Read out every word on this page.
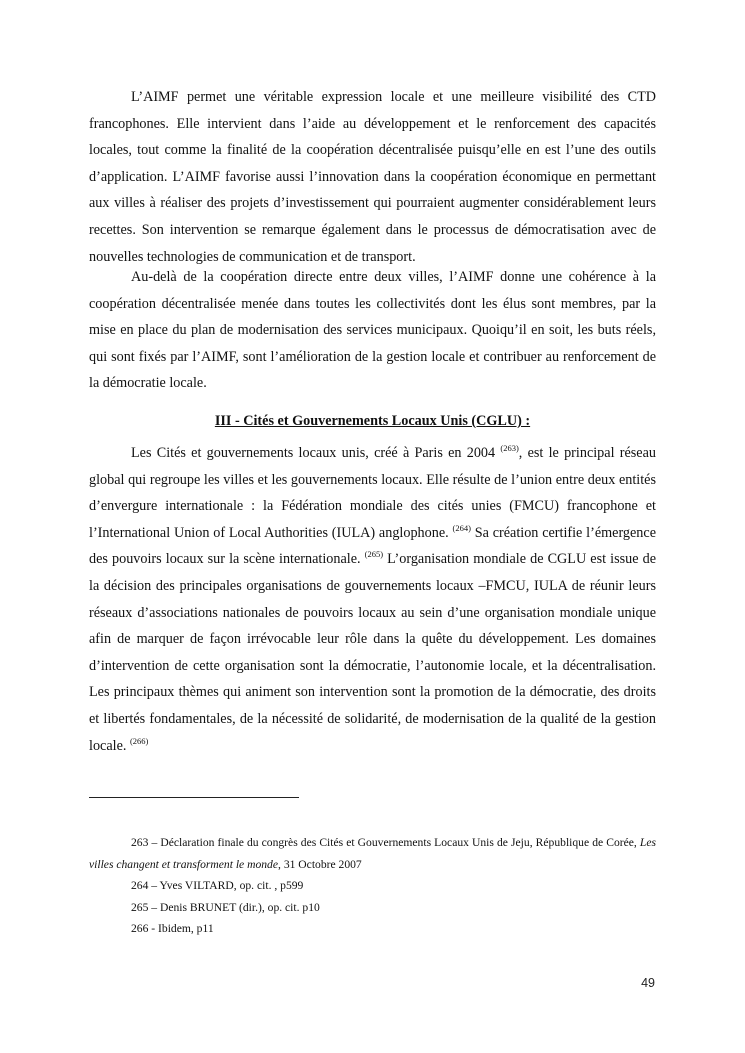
L’AIMF permet une véritable expression locale et une meilleure visibilité des CTD francophones. Elle intervient dans l’aide au développement et le renforcement des capacités locales, tout comme la finalité de la coopération décentralisée puisqu’elle en est l’une des outils d’application. L’AIMF favorise aussi l’innovation dans la coopération économique en permettant aux villes à réaliser des projets d’investissement qui pourraient augmenter considérablement leurs recettes. Son intervention se remarque également dans le processus de démocratisation avec de nouvelles technologies de communication et de transport.

Au-delà de la coopération directe entre deux villes, l’AIMF donne une cohérence à la coopération décentralisée menée dans toutes les collectivités dont les élus sont membres, par la mise en place du plan de modernisation des services municipaux. Quoiqu’il en soit, les buts réels, qui sont fixés par l’AIMF, sont l’amélioration de la gestion locale et contribuer au renforcement de la démocratie locale.

III - Cités et Gouvernements Locaux Unis (CGLU) :

Les Cités et gouvernements locaux unis, créé à Paris en 2004 $^{(263)}$, est le principal réseau global qui regroupe les villes et les gouvernements locaux. Elle résulte de l’union entre deux entités d’envergure internationale : la Fédération mondiale des cités unies (FMCU) francophone et l’International Union of Local Authorities (IULA) anglophone. $^{(264)}$ Sa création certifie l’émergence des pouvoirs locaux sur la scène internationale. $^{(265)}$ L’organisation mondiale de CGLU est issue de la décision des principales organisations de gouvernements locaux –FMCU, IULA de réunir leurs réseaux d’associations nationales de pouvoirs locaux au sein d’une organisation mondiale unique afin de marquer de façon irrévocable leur rôle dans la quête du développement. Les domaines d’intervention de cette organisation sont la démocratie, l’autonomie locale, et la décentralisation. Les principaux thèmes qui animent son intervention sont la promotion de la démocratie, des droits et libertés fondamentales, de la nécessité de solidarité, de modernisation de la qualité de la gestion locale. $^{(266)}$

263 – Déclaration finale du congrès des Cités et Gouvernements Locaux Unis de Jeju, République de Corée, Les villes changent et transforment le monde, 31 Octobre 2007

264 – Yves VILTARD, op. cit. , p599

265 – Denis BRUNET (dir.), op. cit. p10

266 - Ibidem, p11

49
